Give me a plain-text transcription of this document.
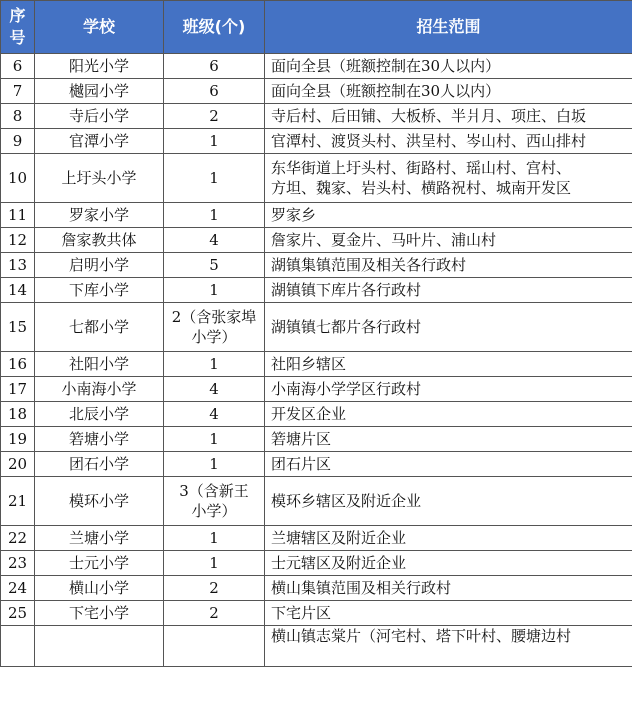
序
号	学校	班级(个)	招生范围
6	阳光小学	6	面向全县（班额控制在30人以内）

7	樾园小学	6	面向全县（班额控制在30人以内）

8	寺后小学	2	寺后村、后田铺、大板桥、半爿月、项庄、白坂

9	官潭小学	1	官潭村、渡贤头村、洪呈村、岑山村、西山排村

10	上圩头小学	1	东华街道上圩头村、街路村、瑶山村、宫村、
方坦、魏家、岩头村、横路祝村、城南开发区

11	罗家小学	1	罗家乡

12	詹家教共体	4	詹家片、夏金片、马叶片、浦山村

13	启明小学	5	湖镇集镇范围及相关各行政村

14	下库小学	1	湖镇镇下库片各行政村

15	七都小学	2（含张家埠
小学）	湖镇镇七都片各行政村

16	社阳小学	1	社阳乡辖区

17	小南海小学	4	小南海小学学区行政村

18	北辰小学	4	开发区企业

19	箬塘小学	1	箬塘片区

20	团石小学	1	团石片区

21	模环小学	3（含新王
小学）	模环乡辖区及附近企业

22	兰塘小学	1	兰塘辖区及附近企业

23	士元小学	1	士元辖区及附近企业

24	横山小学	2	横山集镇范围及相关行政村

25	下宅小学	2	下宅片区

			横山镇志棠片（河宅村、塔下叶村、腰塘边村
